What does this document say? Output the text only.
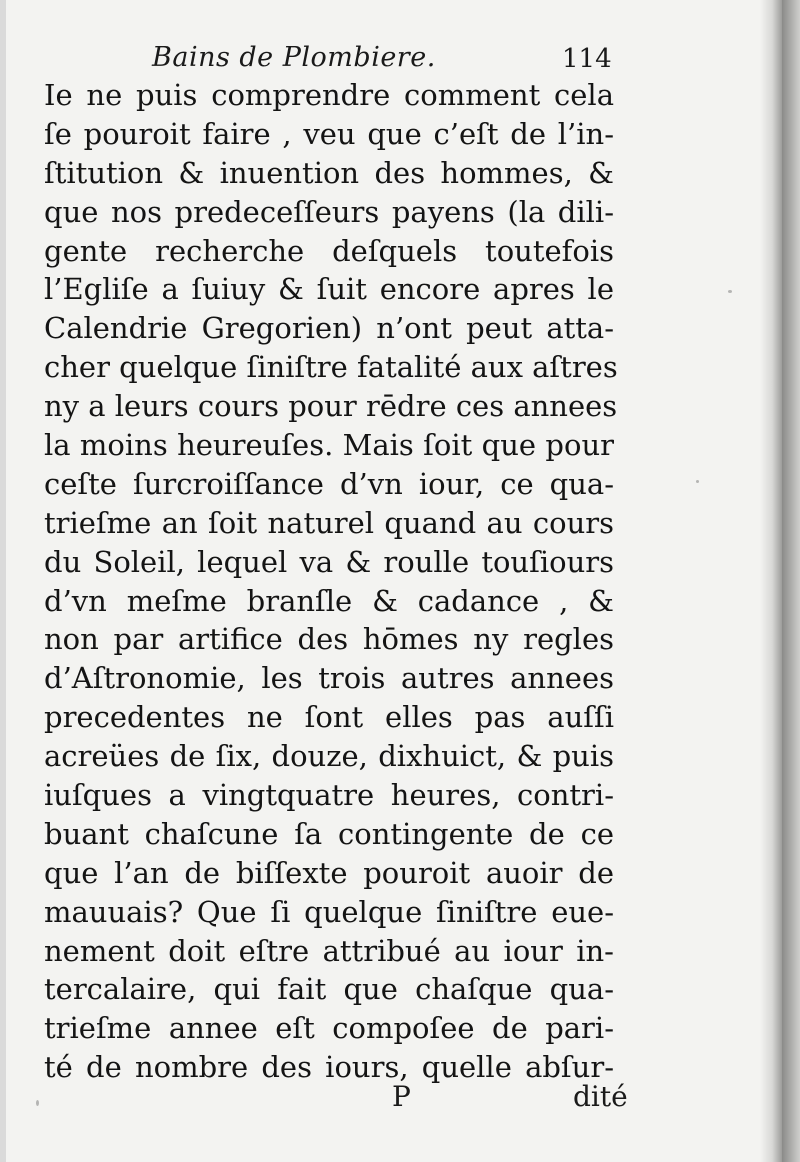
Bains de Plombiere.	114
Ie ne puis comprendre comment cela
ſe pouroit faire , veu que c’eſt de l’in-
ſtitution & inuention des hommes, &
que nos predeceſſeurs payens (la dili-
gente recherche deſquels toutefois
l’Egliſe a ſuiuy & ſuit encore apres le
Calendrie Gregorien) n’ont peut atta-
cher quelque ſiniſtre fatalité aux aſtres
ny a leurs cours pour rēdre ces annees
la moins heureuſes. Mais ſoit que pour
ceſte ſurcroiſſance d’vn iour, ce qua-
trieſme an ſoit naturel quand au cours
du Soleil, lequel va & roulle touſiours
d’vn meſme branſle & cadance , &
non par artifice des hōmes ny regles
d’Aſtronomie, les trois autres annees
precedentes ne ſont elles pas auſſi
acreües de ſix, douze, dixhuict, & puis
iuſques a vingtquatre heures, contri-
buant chaſcune ſa contingente de ce
que l’an de biſſexte pouroit auoir de
mauuais? Que ſi quelque ſiniſtre eue-
nement doit eſtre attribué au iour in-
tercalaire, qui fait que chaſque qua-
trieſme annee eſt compoſee de pari-
té de nombre des iours, quelle abſur-
P	dité
